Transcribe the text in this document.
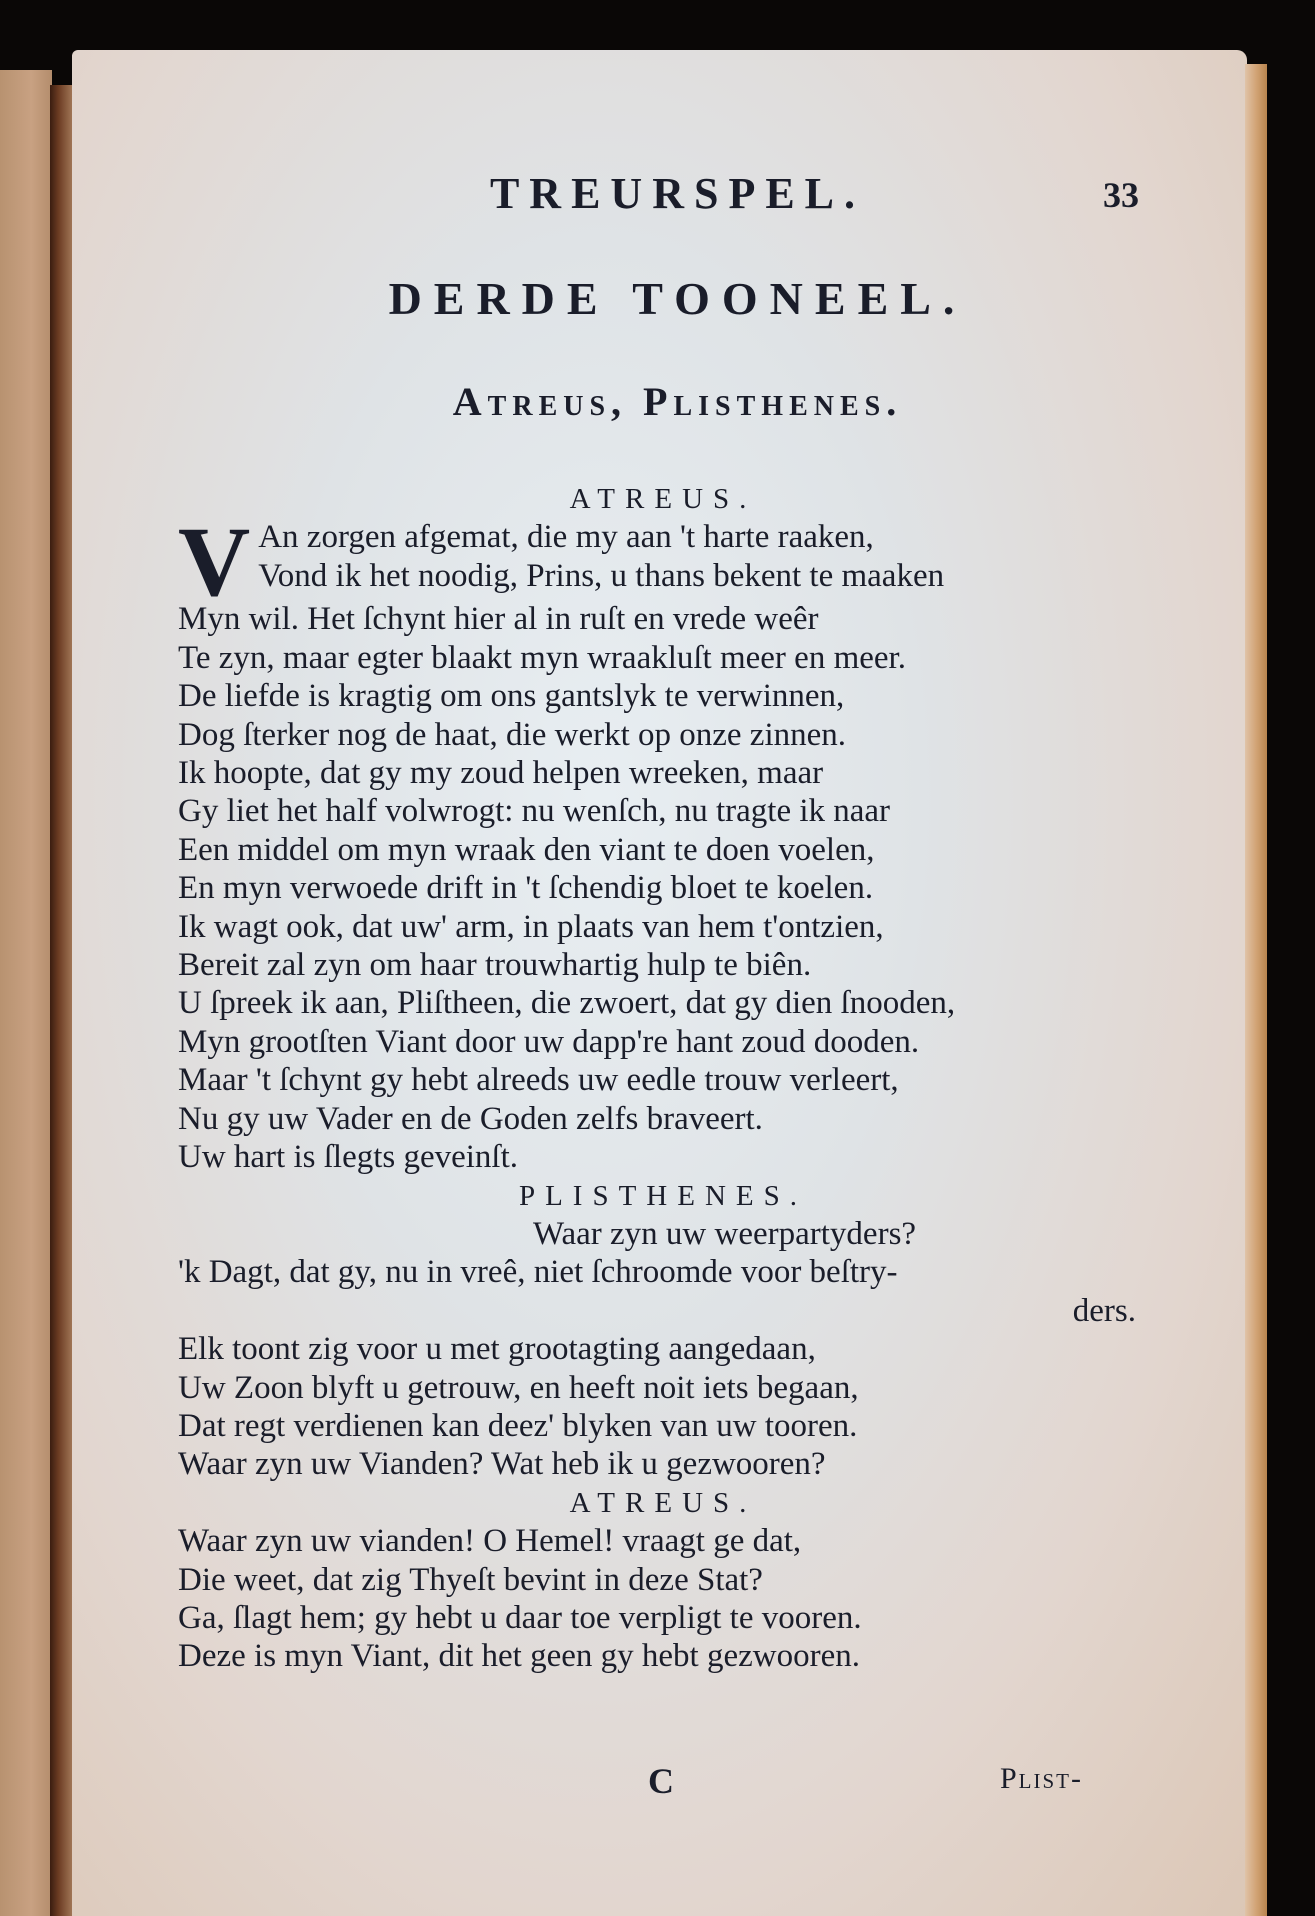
TREURSPEL.	33
DERDE TOONEEL.
Atreus, Plisthenes.
ATREUS.
V An zorgen afgemat, die my aan 't harte raaken,
Vond ik het noodig, Prins, u thans bekent te maaken
Myn wil. Het ſchynt hier al in ruſt en vrede weêr
Te zyn, maar egter blaakt myn wraakluſt meer en meer.
De liefde is kragtig om ons gantslyk te verwinnen,
Dog ſterker nog de haat, die werkt op onze zinnen.
Ik hoopte, dat gy my zoud helpen wreeken, maar
Gy liet het half volwrogt: nu wenſch, nu tragte ik naar
Een middel om myn wraak den viant te doen voelen,
En myn verwoede drift in 't ſchendig bloet te koelen.
Ik wagt ook, dat uw' arm, in plaats van hem t'ontzien,
Bereit zal zyn om haar trouwhartig hulp te biên.
U ſpreek ik aan, Pliſtheen, die zwoert, dat gy dien ſnooden,
Myn grootſten Viant door uw dapp're hant zoud dooden.
Maar 't ſchynt gy hebt alreeds uw eedle trouw verleert,
Nu gy uw Vader en de Goden zelfs braveert.
Uw hart is ſlegts geveinſt.
PLISTHENES.
Waar zyn uw weerpartyders?
'k Dagt, dat gy, nu in vreê, niet ſchroomde voor beſtry-
ders.
Elk toont zig voor u met grootagting aangedaan,
Uw Zoon blyft u getrouw, en heeft noit iets begaan,
Dat regt verdienen kan deez' blyken van uw tooren.
Waar zyn uw Vianden? Wat heb ik u gezwooren?
ATREUS.
Waar zyn uw vianden! O Hemel! vraagt ge dat,
Die weet, dat zig Thyeſt bevint in deze Stat?
Ga, ſlagt hem; gy hebt u daar toe verpligt te vooren.
Deze is myn Viant, dit het geen gy hebt gezwooren.
C	Plist-
